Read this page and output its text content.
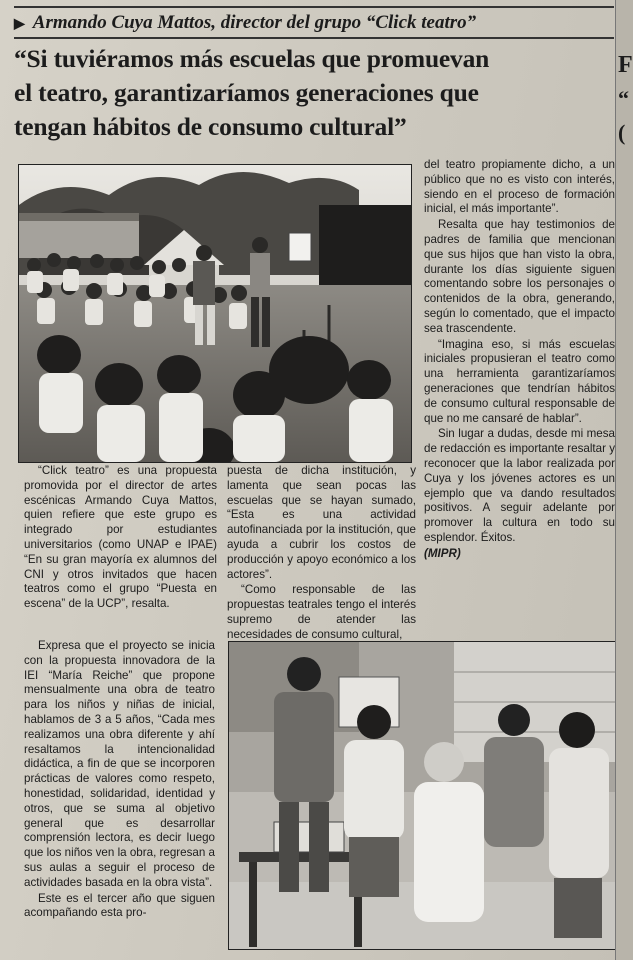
▶ Armando Cuya Mattos, director del grupo “Click teatro”
“Si tuviéramos más escuelas que promuevan
el teatro, garantizaríamos generaciones que
tengan hábitos de consumo cultural”

“Click teatro” es una propuesta promovida por el director de artes escénicas Armando Cuya Mattos, quien refiere que este grupo es integrado por estudiantes universitarios (como UNAP e IPAE) “En su gran mayoría ex alumnos del CNI y otros invitados que hacen teatros como el grupo “Puesta en escena” de la UCP”, resalta.

Expresa que el proyecto se inicia con la propuesta innovadora de la IEI “María Reiche” que propone mensualmente una obra de teatro para los niños y niñas de inicial, hablamos de 3 a 5 años, “Cada mes realizamos una obra diferente y ahí resaltamos la intencionalidad didáctica, a fin de que se incorporen prácticas de valores como respeto, honestidad, solidaridad, identidad y otros, que se suma al objetivo general que es desarrollar comprensión lectora, es decir luego que los niños ven la obra, regresan a sus aulas a seguir el proceso de actividades basada en la obra vista”.

Este es el tercer año que siguen acompañando esta pro-

puesta de dicha institución, y lamenta que sean pocas las escuelas que se hayan sumado, “Esta es una actividad autofinanciada por la institución, que ayuda a cubrir los costos de producción y apoyo económico a los actores”.

“Como responsable de las propuestas teatrales tengo el interés supremo de atender las necesidades de consumo cultural,

del teatro propiamente dicho, a un público que no es visto con interés, siendo en el proceso de formación inicial, el más importante”.

Resalta que hay testimonios de padres de familia que mencionan que sus hijos que han visto la obra, durante los días siguiente siguen comentando sobre los personajes o contenidos de la obra, generando, según lo comentado, que el impacto sea trascendente.

“Imagina eso, si más escuelas iniciales propusieran el teatro como una herramienta garantizaríamos generaciones que tendrían hábitos de consumo cultural responsable de que no me cansaré de hablar”.

Sin lugar a dudas, desde mi mesa de redacción es importante resaltar y reconocer que la labor realizada por Cuya y los jóvenes actores es un ejemplo que va dando resultados positivos. A seguir adelante por promover la cultura en todo su esplendor. Éxitos.

(MIPR)

F
“
(
